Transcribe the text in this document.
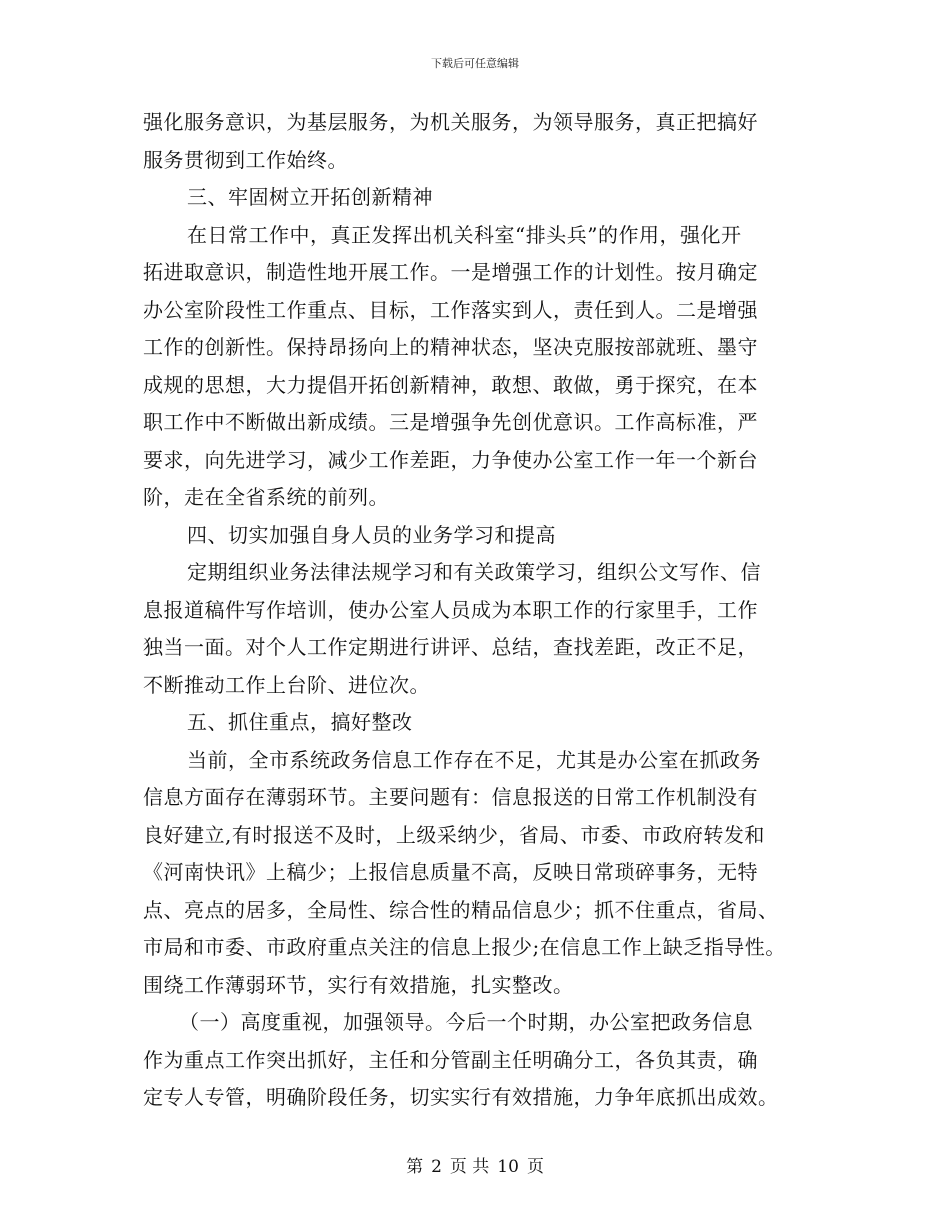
下载后可任意编辑
强化服务意识，为基层服务，为机关服务，为领导服务，真正把搞好
服务贯彻到工作始终。
三、牢固树立开拓创新精神
在日常工作中，真正发挥出机关科室“排头兵”的作用，强化开
拓进取意识，制造性地开展工作。一是增强工作的计划性。按月确定
办公室阶段性工作重点、目标，工作落实到人，责任到人。二是增强
工作的创新性。保持昂扬向上的精神状态，坚决克服按部就班、墨守
成规的思想，大力提倡开拓创新精神，敢想、敢做，勇于探究，在本
职工作中不断做出新成绩。三是增强争先创优意识。工作高标准，严
要求，向先进学习，减少工作差距，力争使办公室工作一年一个新台
阶，走在全省系统的前列。
四、切实加强自身人员的业务学习和提高
定期组织业务法律法规学习和有关政策学习，组织公文写作、信
息报道稿件写作培训，使办公室人员成为本职工作的行家里手，工作
独当一面。对个人工作定期进行讲评、总结，查找差距，改正不足，
不断推动工作上台阶、进位次。
五、抓住重点，搞好整改
当前，全市系统政务信息工作存在不足，尤其是办公室在抓政务
信息方面存在薄弱环节。主要问题有：信息报送的日常工作机制没有
良好建立,有时报送不及时，上级采纳少，省局、市委、市政府转发和
《河南快讯》上稿少；上报信息质量不高，反映日常琐碎事务，无特
点、亮点的居多，全局性、综合性的精品信息少；抓不住重点，省局、
市局和市委、市政府重点关注的信息上报少;在信息工作上缺乏指导性。
围绕工作薄弱环节，实行有效措施，扎实整改。
（一）高度重视，加强领导。今后一个时期，办公室把政务信息
作为重点工作突出抓好，主任和分管副主任明确分工，各负其责，确
定专人专管，明确阶段任务，切实实行有效措施，力争年底抓出成效。
第 2 页 共 10 页
